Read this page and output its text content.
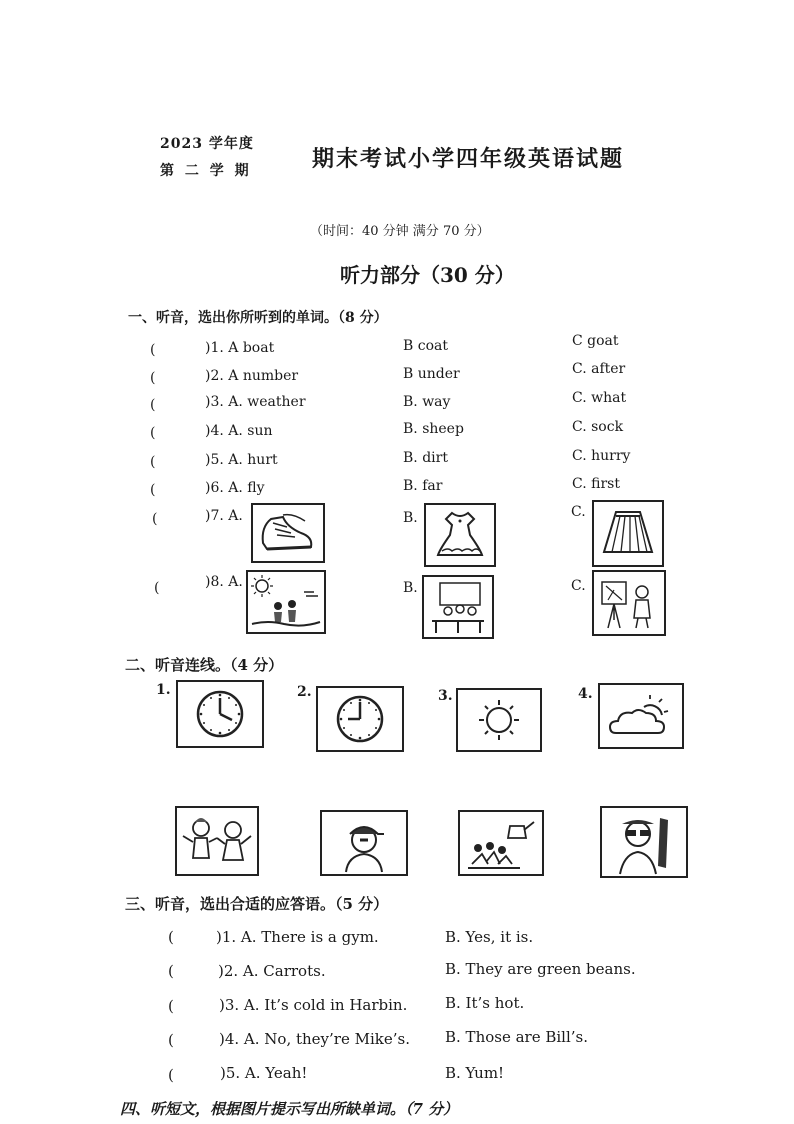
2023 学年度
第 二 学 期	期末考试小学四年级英语试题
（时间：40 分钟 满分 70 分）
听力部分（30 分）
一、听音，选出你所听到的单词。（8 分）
(	)1. A boat	B coat	C goat
(	)2. A number	B under	C. after
(	)3. A. weather	B. way	C. what
(	)4. A. sun	B. sheep	C. sock
(	)5. A. hurt	B. dirt	C. hurry
(	)6. A. fly	B. far	C. first
(	)7. A.	B.	C.
(	)8. A.	B.	C.
二、听音连线。（4 分）
1.	2.	3.	4.
三、听音，选出合适的应答语。（5 分）
(	)1. A. There is a gym.	B. Yes, it is.
(	)2. A. Carrots.	B. They are green beans.
(	)3. A. It’s cold in Harbin.	B. It’s hot.
(	)4. A. No, they’re Mike’s. B. Those are Bill’s.
(	)5. A. Yeah!	B. Yum!
四、听短文，根据图片提示写出所缺单词。（7 分）
